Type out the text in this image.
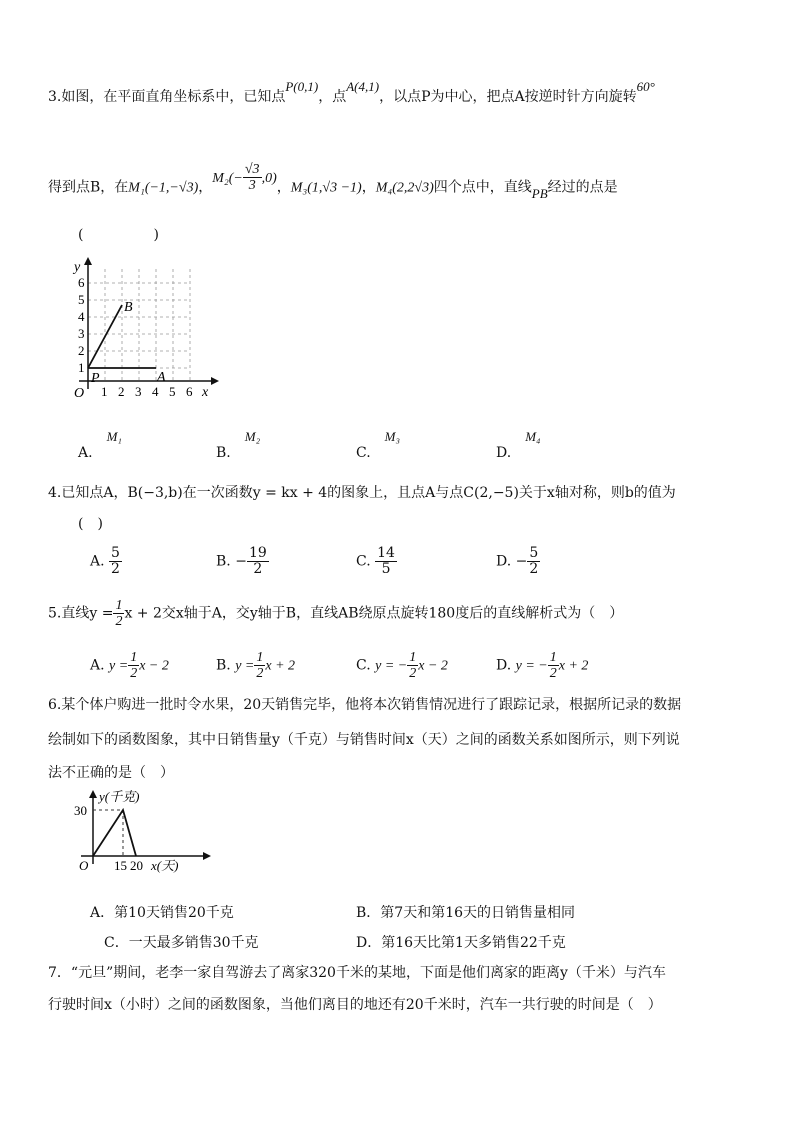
3.如图，在平面直角坐标系中，已知点P(0,1)，点A(4,1)，以点P为中心，把点A按逆时针方向旋转60°
得到点B，在M₁(−1,−√3)，$M_2(- \frac{√3}{3} ,0)$，M₃(1,√3 −1)，M₄(2,2√3)四个点中，直线PB经过的点是
(　　　　　)
y
x
O
1
2
3
4
5
6
1 2 3 4 5 6
P	A
B
A.M₁
B.M₂
C.M₃
D.M₄
4.已知点A，B(−3,b)在一次函数y = kx + 4的图象上，且点A与点C(2,−5)关于x轴对称，则b的值为
(　)
A. $\frac{5}{2}$	B. − $\frac{19}{2}$	C. $\frac{14}{5}$	D. − $\frac{5}{2}$
5.直线$y = \frac{1}{2}$ x + 2交x轴于A，交y轴于B，直线AB绕原点旋转180度后的直线解析式为（　）
A. $y = \frac{1}{2}$ x − 2	B. $y = \frac{1}{2}$ x + 2	C. y = − $\frac{1}{2}$ x − 2	D. y = − $\frac{1}{2}$ x + 2
6.某个体户购进一批时令水果，20天销售完毕，他将本次销售情况进行了跟踪记录，根据所记录的数据
绘制如下的函数图象，其中日销售量y（千克）与销售时间x（天）之间的函数关系如图所示，则下列说
法不正确的是（　）
y(千克)
30
O 15 20 x(天)
A．第10天销售20千克	B．第7天和第16天的日销售量相同
C．一天最多销售30千克	D．第16天比第1天多销售22千克
7．“元旦”期间，老李一家自驾游去了离家320千米的某地，下面是他们离家的距离y（千米）与汽车
行驶时间x（小时）之间的函数图象，当他们离目的地还有20千米时，汽车一共行驶的时间是（　）
